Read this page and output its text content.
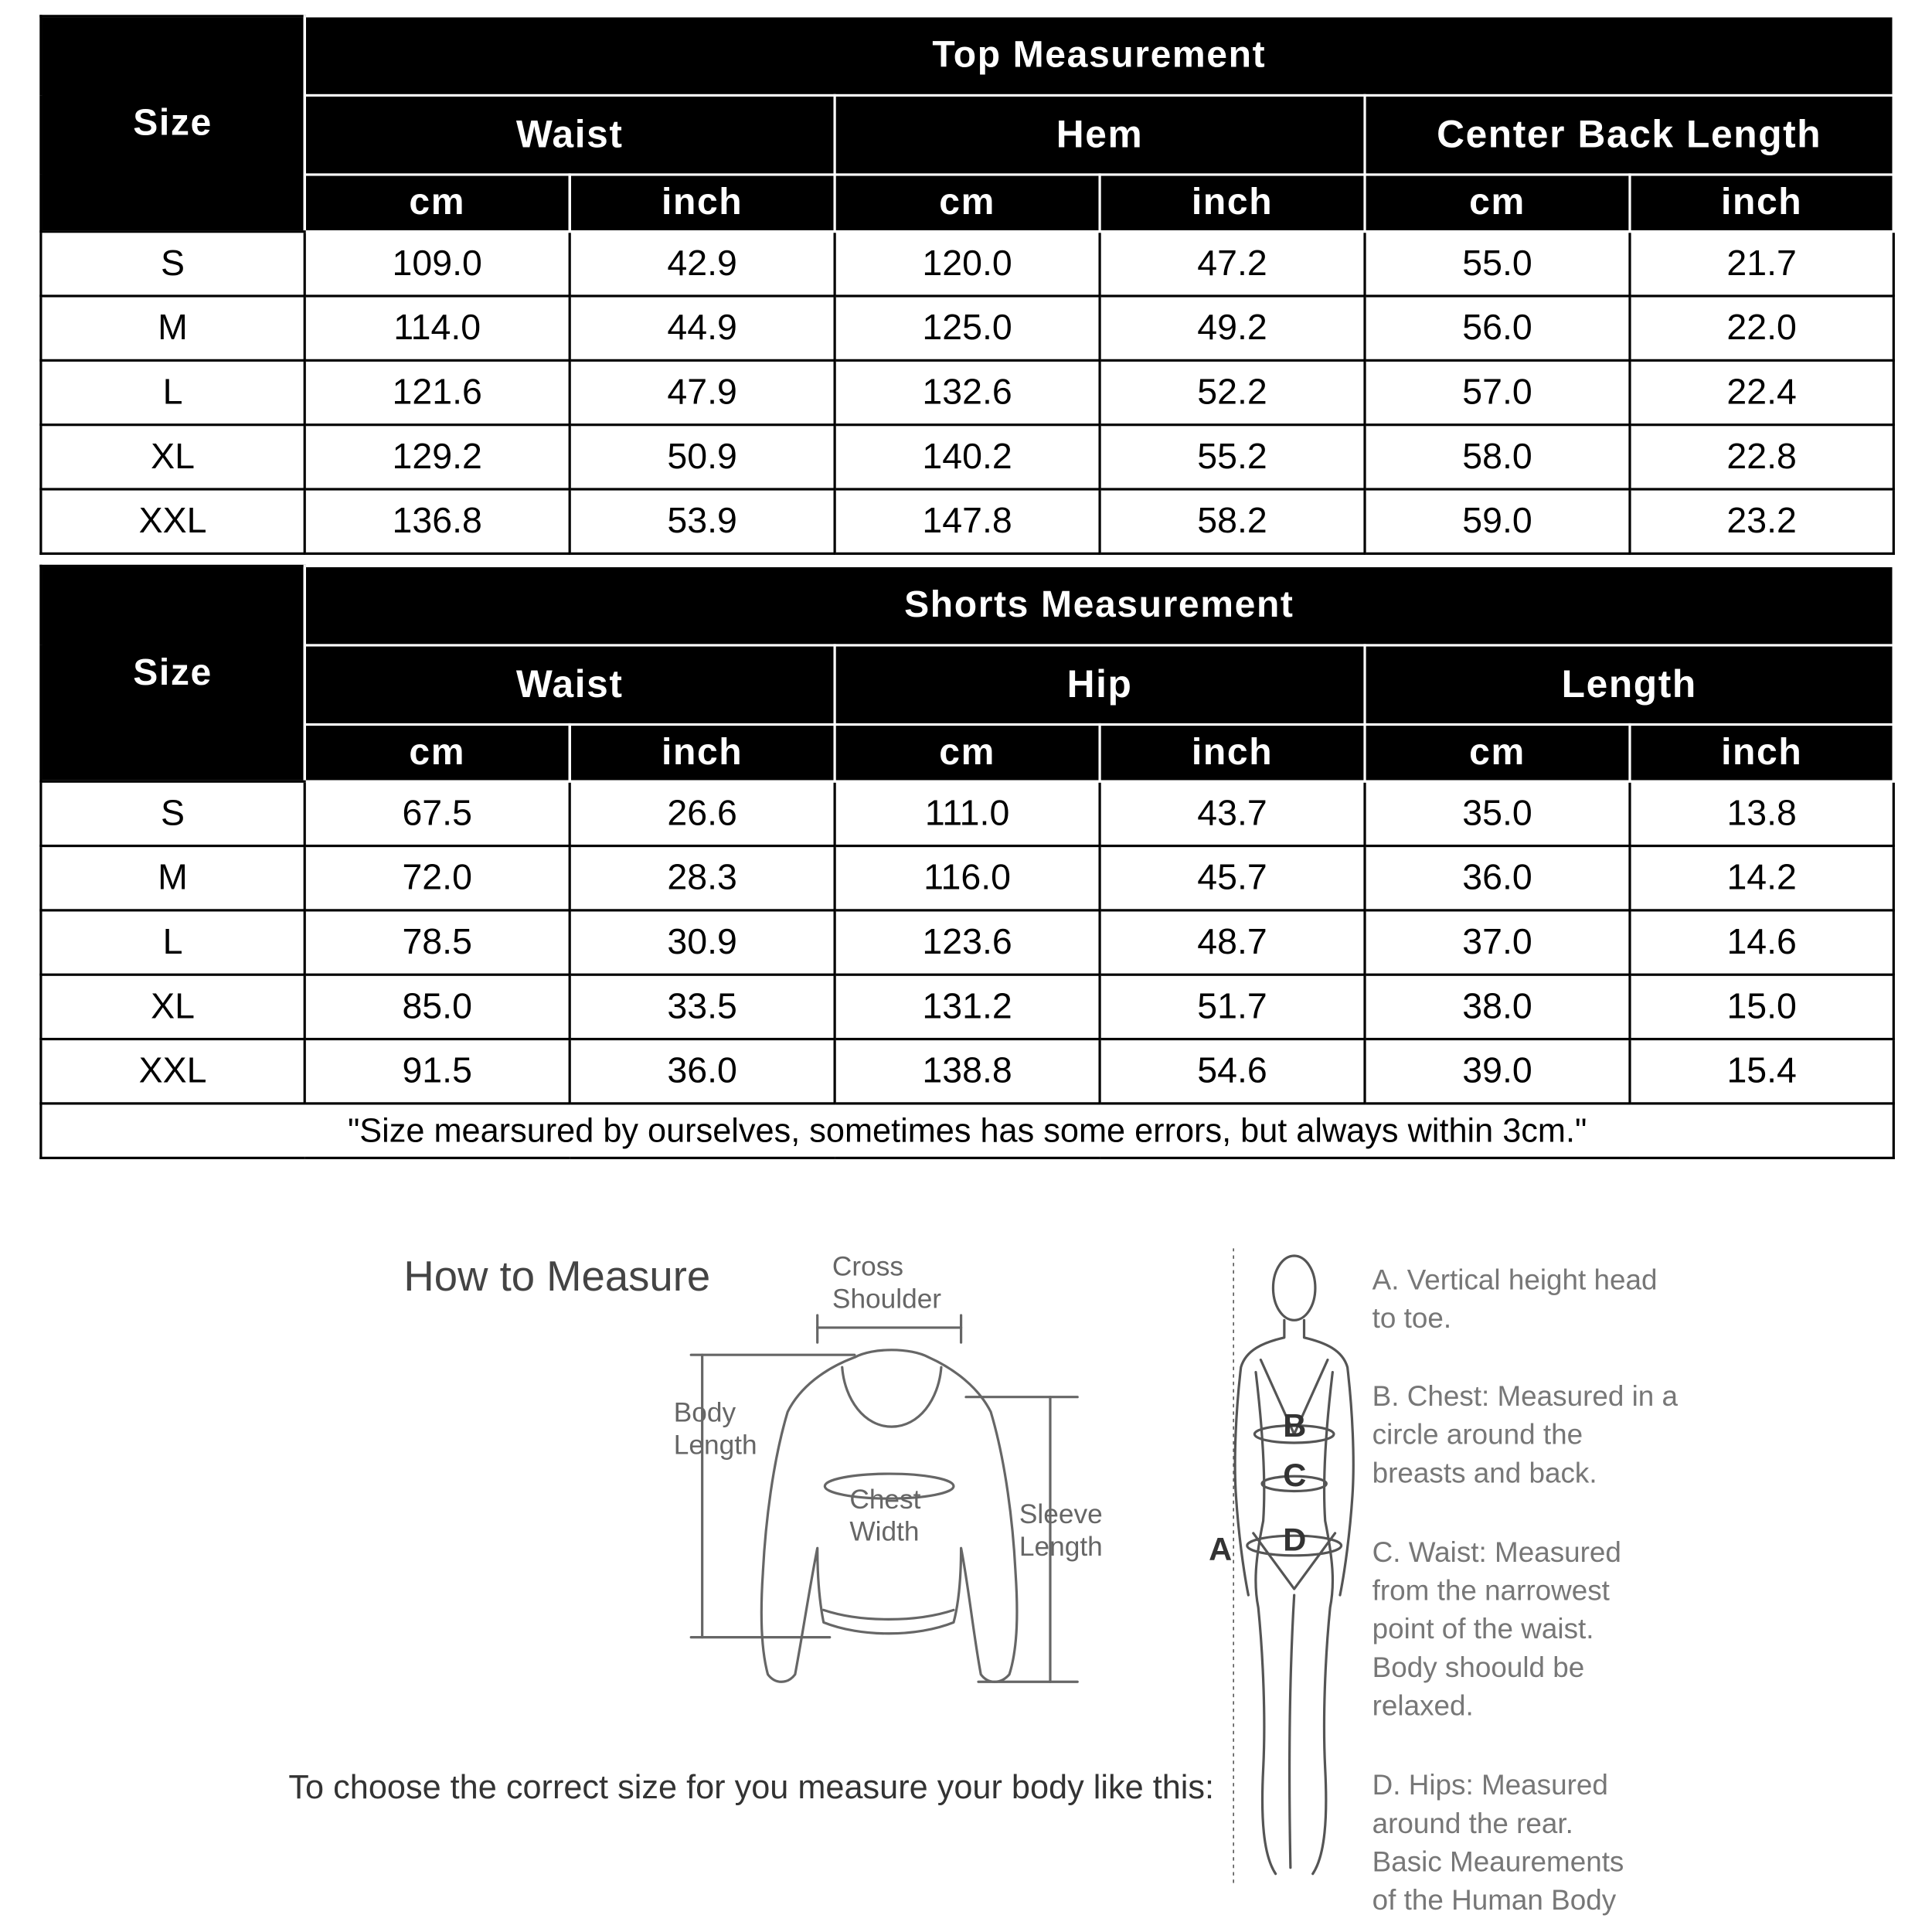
Size	Top Measurement					
	Waist		Hem		Center Back Length	
	cm	inch	cm	inch	cm	inch
S	109.0	42.9	120.0	47.2	55.0	21.7
M	114.0	44.9	125.0	49.2	56.0	22.0
L	121.6	47.9	132.6	52.2	57.0	22.4
XL	129.2	50.9	140.2	55.2	58.0	22.8
XXL	136.8	53.9	147.8	58.2	59.0	23.2
Size	Shorts Measurement					
	Waist		Hip		Length	
	cm	inch	cm	inch	cm	inch
S	67.5	26.6	111.0	43.7	35.0	13.8
M	72.0	28.3	116.0	45.7	36.0	14.2
L	78.5	30.9	123.6	48.7	37.0	14.6
XL	85.0	33.5	131.2	51.7	38.0	15.0
XXL	91.5	36.0	138.8	54.6	39.0	15.4
"Size mearsured by ourselves, sometimes has some errors, but always within 3cm."						
How to Measure
To choose the correct size for you measure your body like this:
Cross
Shoulder
Body
Length
Chest
Width
Sleeve
Length	A
B
C
D
A. Vertical height head
to toe.
B. Chest: Measured in a
circle around the
breasts and back.
C. Waist: Measured
from the narrowest
point of the waist.
Body shoould be
relaxed.
D. Hips: Measured
around the rear.
Basic Meaurements
of the Human Body
